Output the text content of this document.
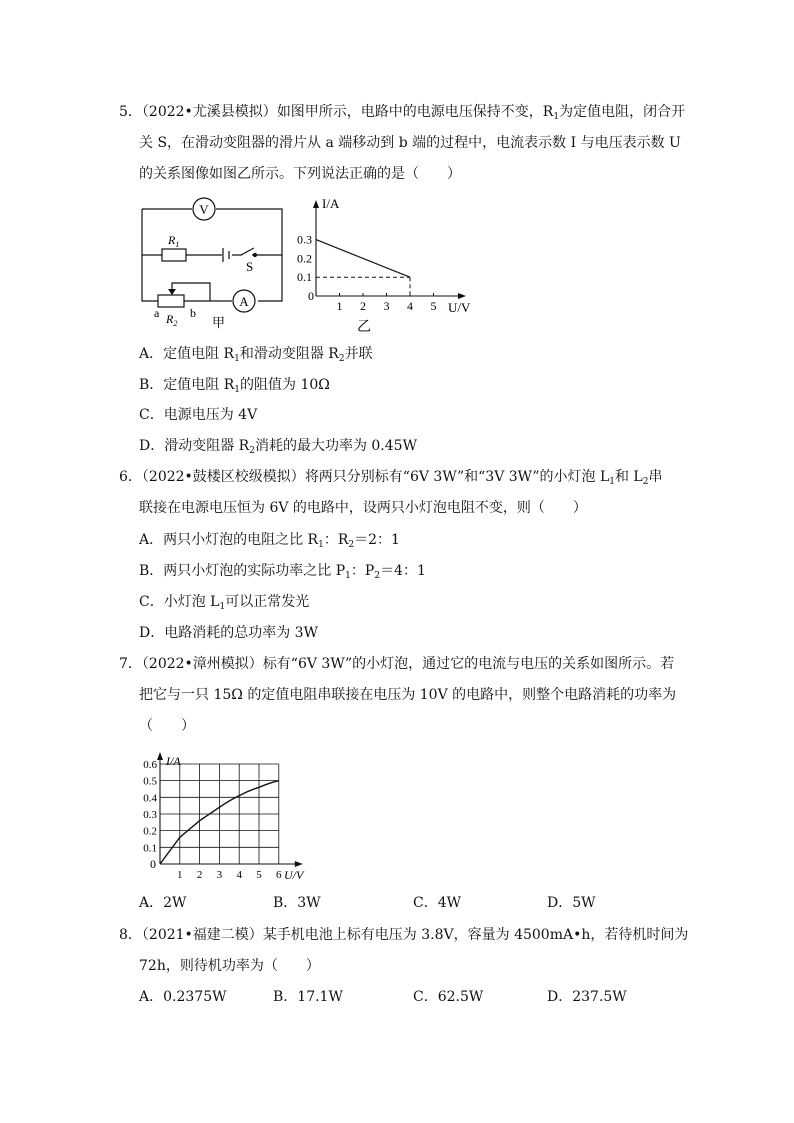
5．（2022•尤溪县模拟）如图甲所示，电路中的电源电压保持不变，$R_1$为定值电阻，闭合开
关 S，在滑动变阻器的滑片从 a 端移动到 b 端的过程中，电流表示数 I 与电压表示数 U
的关系图像如图乙所示。下列说法正确的是（　　）
V
A
$R_1$
S
a	b
$R_2$	甲
I/A
U/V
0
乙
1 2 3 4 5
0.1
0.2
0.3
A．定值电阻 $R_1$和滑动变阻器 $R_2$并联
B．定值电阻 $R_1$的阻值为 10Ω
C．电源电压为 4V
D．滑动变阻器 $R_2$消耗的最大功率为 0.45W
6．（2022•鼓楼区校级模拟）将两只分别标有“6V 3W”和“3V 3W”的小灯泡 $L_1$和 $L_2$串
联接在电源电压恒为 6V 的电路中，设两只小灯泡电阻不变，则（　　）
A．两只小灯泡的电阻之比 $R_1$：$R_2=2$：1
B．两只小灯泡的实际功率之比 $P_1$：$P_2=4$：1
C．小灯泡 $L_1$可以正常发光
D．电路消耗的总功率为 3W
7．（2022•漳州模拟）标有“6V 3W”的小灯泡，通过它的电流与电压的关系如图所示。若
把它与一只 15Ω 的定值电阻串联接在电压为 10V 的电路中，则整个电路消耗的功率为
（　　）
I/A
U/V
0
1 2 3 4 5 6
0.1
0.2
0.3
0.4
0.5
0.6
A．2W	B．3W	C．4W	D．5W
8．（2021•福建二模）某手机电池上标有电压为 3.8V，容量为 4500mA•h，若待机时间为
72h，则待机功率为（　　）
A．0.2375W	B．17.1W	C．62.5W	D．237.5W
